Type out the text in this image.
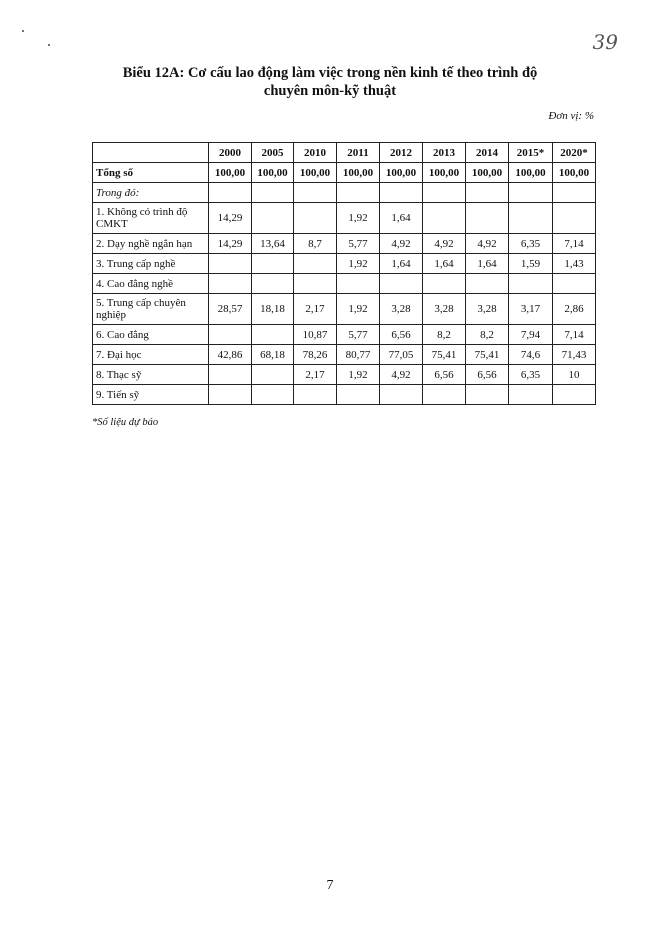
39
Biểu 12A: Cơ cấu lao động làm việc trong nền kinh tế theo trình độ
chuyên môn-kỹ thuật
Đơn vị: %
	2000	2005	2010	2011	2012	2013	2014	2015*	2020*
Tổng số	100,00	100,00	100,00	100,00	100,00	100,00	100,00	100,00	100,00
Trong đó:									
1. Không có trình độ CMKT	14,29			1,92	1,64				
2. Dạy nghề ngắn hạn	14,29	13,64	8,7	5,77	4,92	4,92	4,92	6,35	7,14
3. Trung cấp nghề				1,92	1,64	1,64	1,64	1,59	1,43
4. Cao đẳng nghề									
5. Trung cấp chuyên nghiệp	28,57	18,18	2,17	1,92	3,28	3,28	3,28	3,17	2,86
6. Cao đẳng			10,87	5,77	6,56	8,2	8,2	7,94	7,14
7. Đại học	42,86	68,18	78,26	80,77	77,05	75,41	75,41	74,6	71,43
8. Thạc sỹ			2,17	1,92	4,92	6,56	6,56	6,35	10
9. Tiến sỹ									
*Số liệu dự báo
7
